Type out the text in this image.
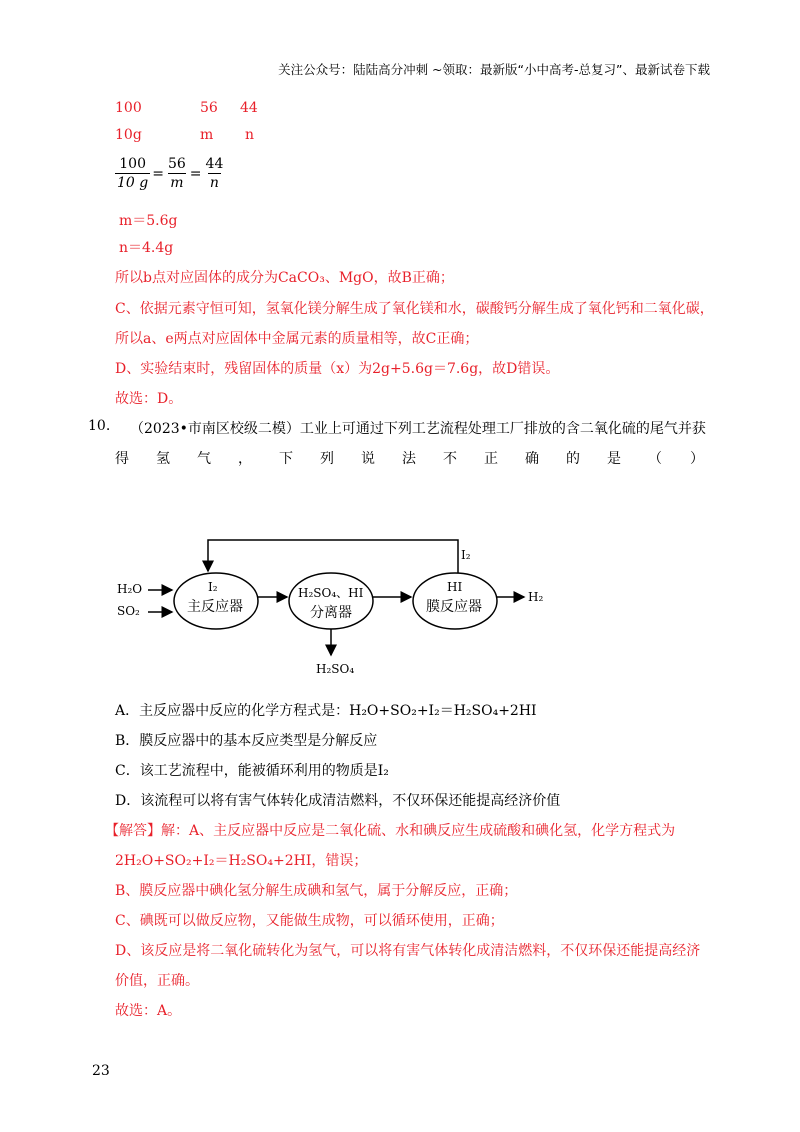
关注公众号：陆陆高分冲刺 ~领取：最新版“小中高考-总复习”、最新试卷下载
100	56 44
10g	m n
$\frac{100}{10 g} = \frac{56}{m} = \frac{44}{n}$
m＝5.6g
n＝4.4g
所以b点对应固体的成分为CaCO₃、MgO，故B正确；
C、依据元素守恒可知，氢氧化镁分解生成了氧化镁和水，碳酸钙分解生成了氧化钙和二氧化碳，
所以a、e两点对应固体中金属元素的质量相等，故C正确；
D、实验结束时，残留固体的质量（x）为2g+5.6g＝7.6g，故D错误。
故选：D。
10. （2023•市南区校级二模）工业上可通过下列工艺流程处理工厂排放的含二氧化硫的尾气并获
得氢气，下列说法不正确的是（ ）
H₂O
SO₂
I₂
主反应器
H₂SO₄、HI
分离器
HI
膜反应器
I₂
H₂
H₂SO₄
A．主反应器中反应的化学方程式是：H₂O+SO₂+I₂＝H₂SO₄+2HI
B．膜反应器中的基本反应类型是分解反应
C．该工艺流程中，能被循环利用的物质是I₂
D．该流程可以将有害气体转化成清洁燃料，不仅环保还能提高经济价值
【解答】解：A、主反应器中反应是二氧化硫、水和碘反应生成硫酸和碘化氢，化学方程式为
2H₂O+SO₂+I₂＝H₂SO₄+2HI，错误；
B、膜反应器中碘化氢分解生成碘和氢气，属于分解反应，正确；
C、碘既可以做反应物，又能做生成物，可以循环使用，正确；
D、该反应是将二氧化硫转化为氢气，可以将有害气体转化成清洁燃料，不仅环保还能提高经济
价值，正确。
故选：A。
23
